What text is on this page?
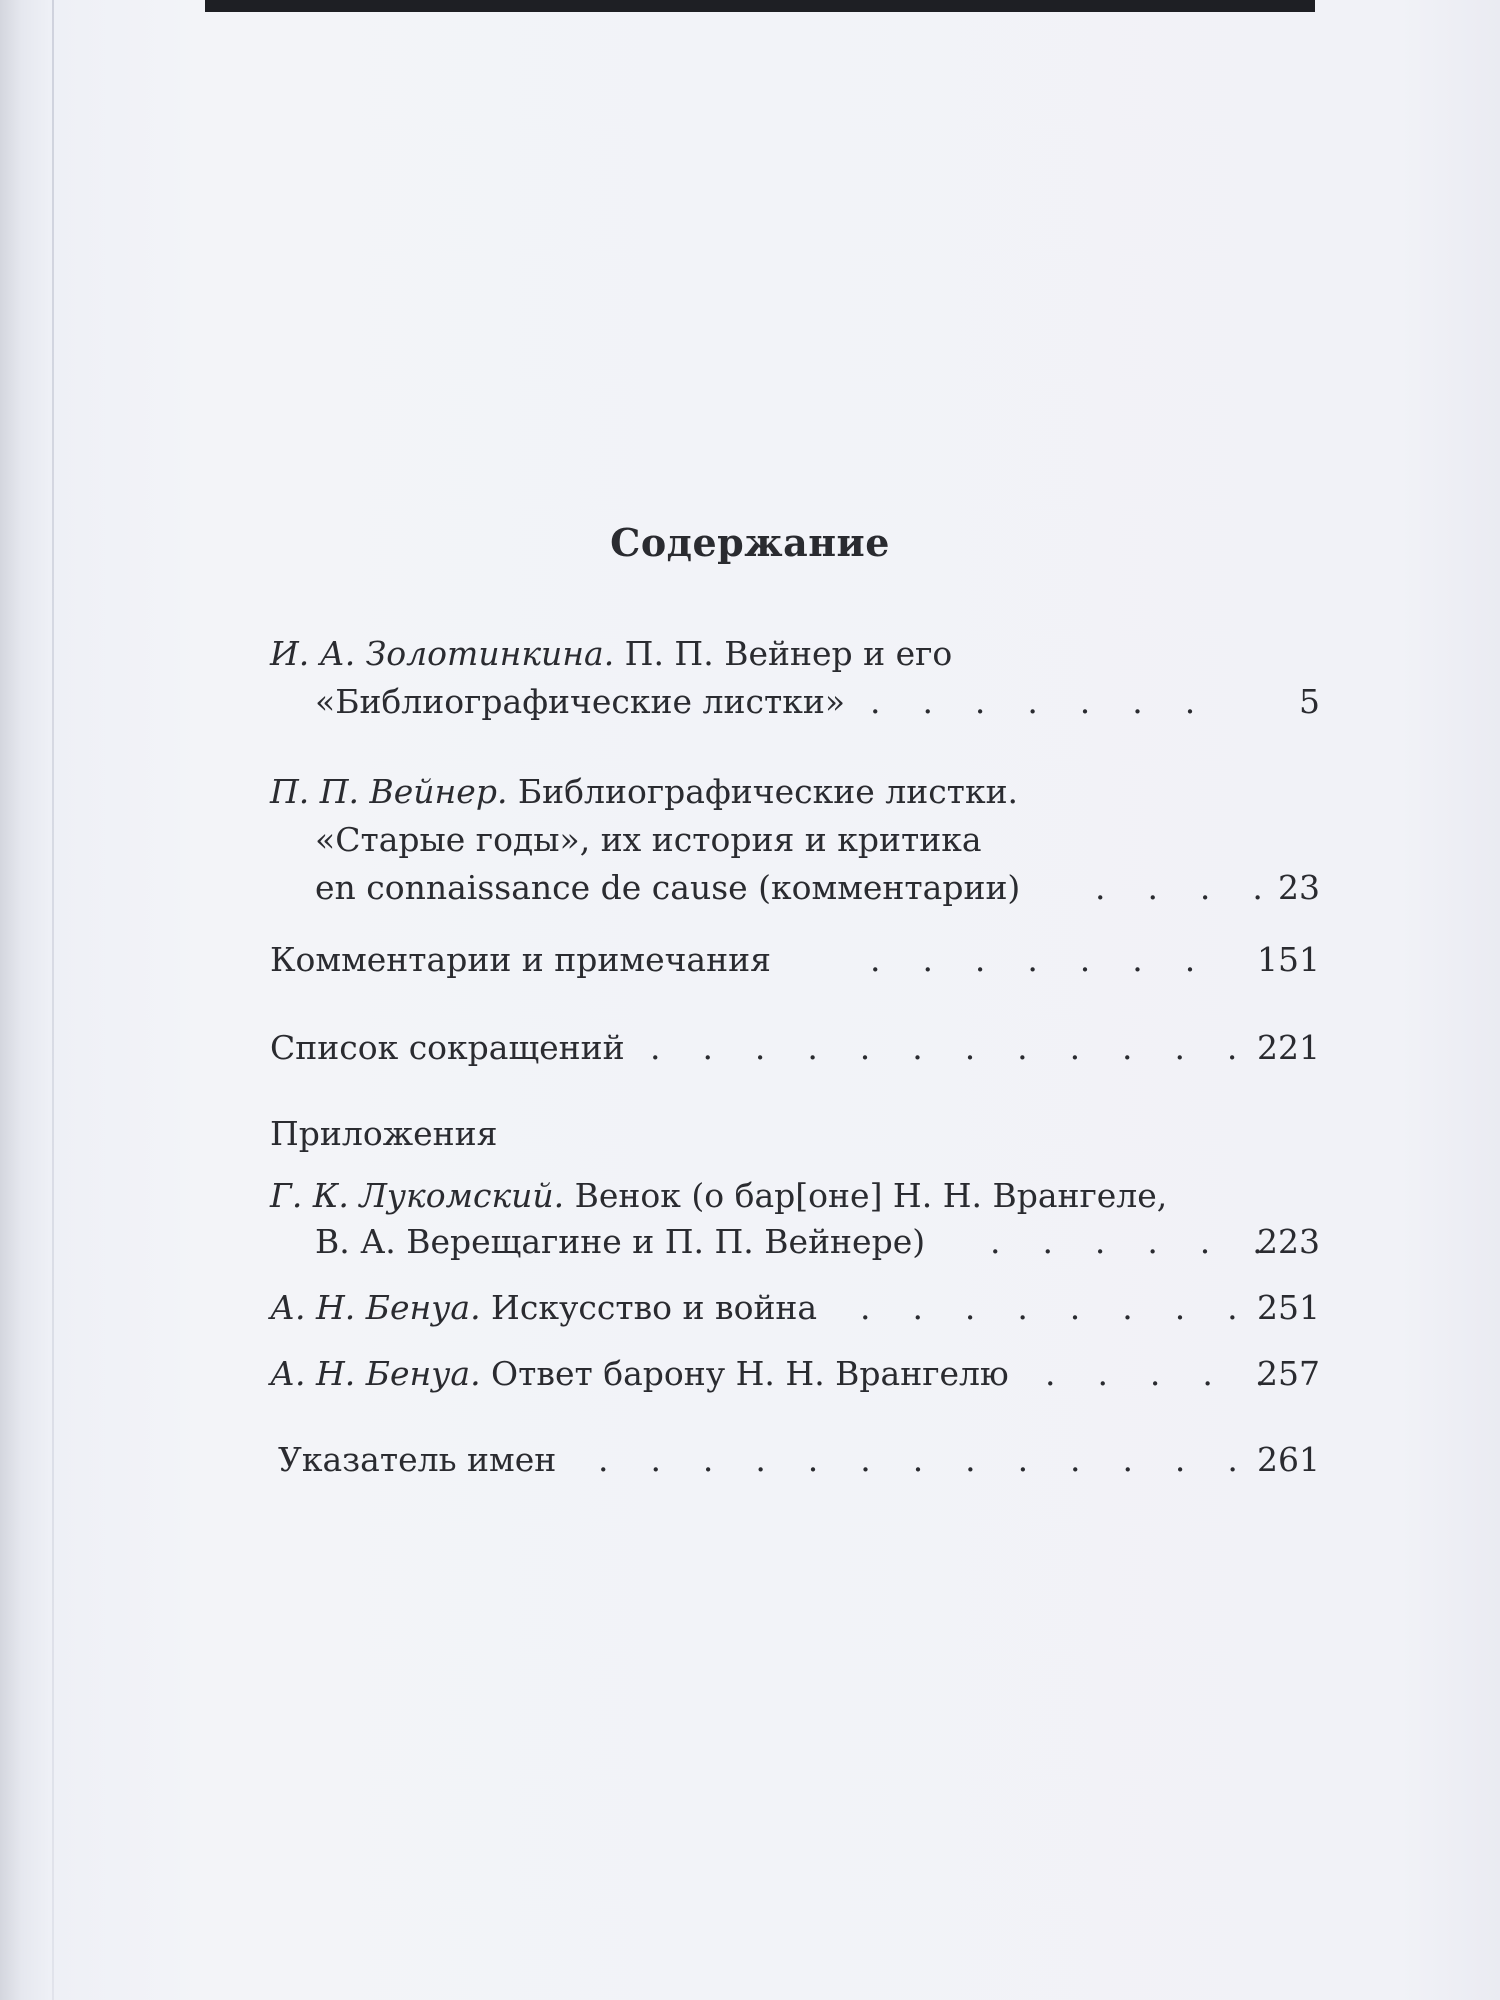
Содержание
И. А. Золотинкина. П. П. Вейнер и его
«Библиографические листки» .    .    .    .    .    .    .	5
П. П. Вейнер. Библиографические листки.
«Старые годы», их история и критика
en connaissance de cause (комментарии) .    .    .    . 23
Комментарии и примечания	.    .    .    .    .    .    . 151
Список сокращений .    .    .    .    .    .    .    .    .    .    .    . 221
Приложения
Г. К. Лукомский. Венок (о бар[оне] Н. Н. Врангеле,
В. А. Верещагине и П. П. Вейнере) .    .    .    .    .    .
223
А. Н. Бенуа. Искусство и война .    .    .    .    .    .    .    . 251
А. Н. Бенуа. Ответ барону Н. Н. Врангелю .    .    .    .    .
257
Указатель имен .    .    .    .    .    .    .    .    .    .    .    .    . 261
